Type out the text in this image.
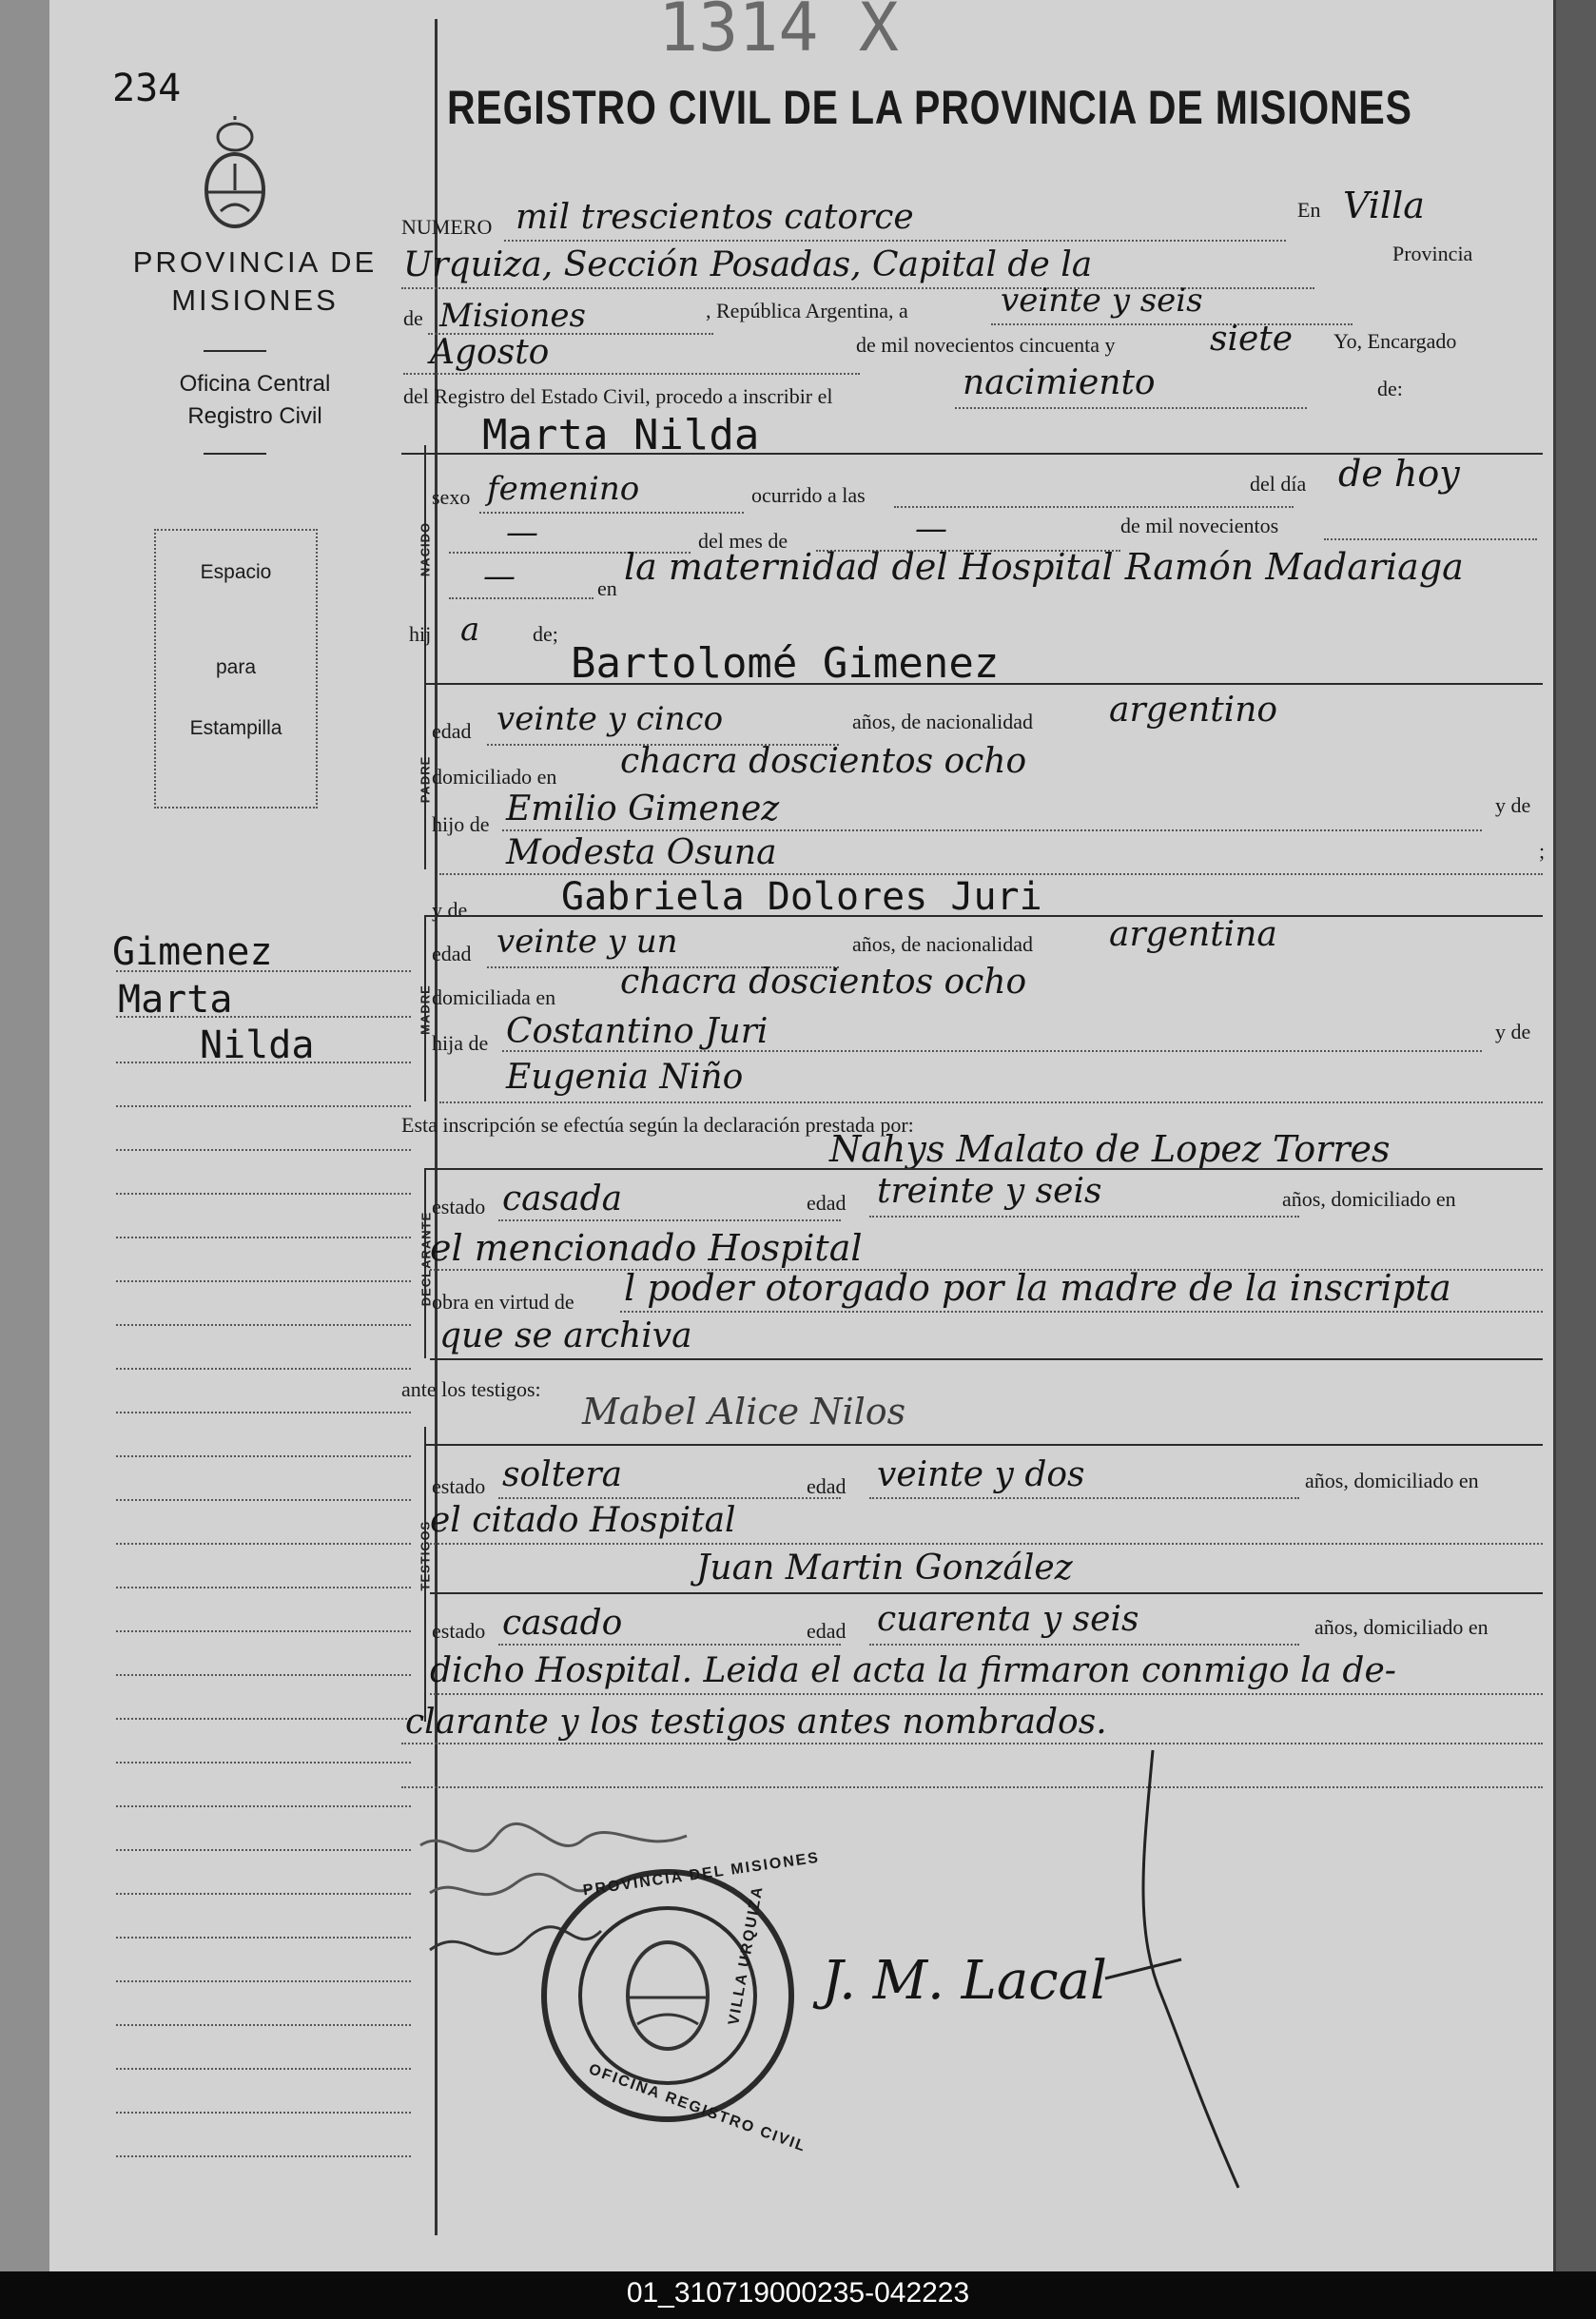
1314 X
234	REGISTRO CIVIL DE LA PROVINCIA DE MISIONES
PROVINCIA DE
MISIONES
Oficina Central
Registro Civil
Espacio
para
Estampilla
Gimenez
Marta
Nilda
NUMERO mil trescientos catorce	En Villa
Urquiza, Sección Posadas, Capital de la	Provincia
de Misiones	, República Argentina, a	veinte y seis
Agosto	de mil novecientos cincuenta y	siete Yo, Encargado
del Registro del Estado Civil, procedo a inscribir el	nacimiento	de:
Marta Nilda
NACIDO
sexo femenino	ocurrido a las	del día de hoy
—	del mes de	—	de mil novecientos
—	en
la maternidad del Hospital Ramón Madariaga
hij a	de;
Bartolomé Gimenez
PADRE
edad veinte y cinco	años, de nacionalidad argentino
domiciliado en chacra doscientos ocho
hijo de Emilio Gimenez	y de
Modesta Osuna	;
y de Gabriela Dolores Juri
MADRE
edad veinte y un	años, de nacionalidad argentina
domiciliada en chacra doscientos ocho
hija de Costantino Juri	y de
Eugenia Niño
Esta inscripción se efectúa según la declaración prestada por:
Nahys Malato de Lopez Torres
DECLARANTE
estado casada	edad treinte y seis	años, domiciliado en
el mencionado Hospital
obra en virtud de l poder otorgado por la madre de la inscripta
que se archiva
ante los testigos:
Mabel Alice Nilos
TESTIGOS
estado soltera	edad veinte y dos	años, domiciliado en
el citado Hospital
Juan Martin González
estado casado	edad cuarenta y seis	años, domiciliado en
dicho Hospital. Leida el acta la firmaron conmigo la de-
clarante y los testigos antes nombrados.
PROVINCIA DEL MISIONES
VILLA URQUIZA
OFICINA REGISTRO CIVIL
J. M. Lacal
01_310719000235-042223
